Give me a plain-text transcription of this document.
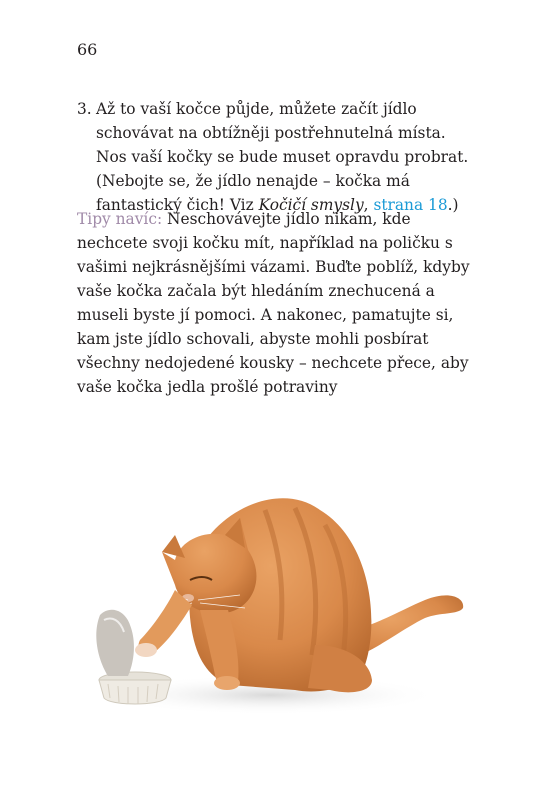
66
3. Až to vaší kočce půjde, můžete začít jídlo schovávat na obtížněji postřehnutelná místa. Nos vaší kočky se bude muset opravdu probrat. (Nebojte se, že jídlo nenajde – kočka má fantastický čich! Viz Kočičí smysly, strana 18.)
Tipy navíc: Neschovávejte jídlo nikam, kde nechcete svoji kočku mít, například na poličku s vašimi nejkrásnějšími vázami. Buďte poblíž, kdyby vaše kočka začala být hledáním znechucená a museli byste jí pomoci. A nakonec, pamatujte si, kam jste jídlo schovali, abyste mohli posbírat všechny nedojedené kousky – nechcete přece, aby vaše kočka jedla prošlé potraviny
